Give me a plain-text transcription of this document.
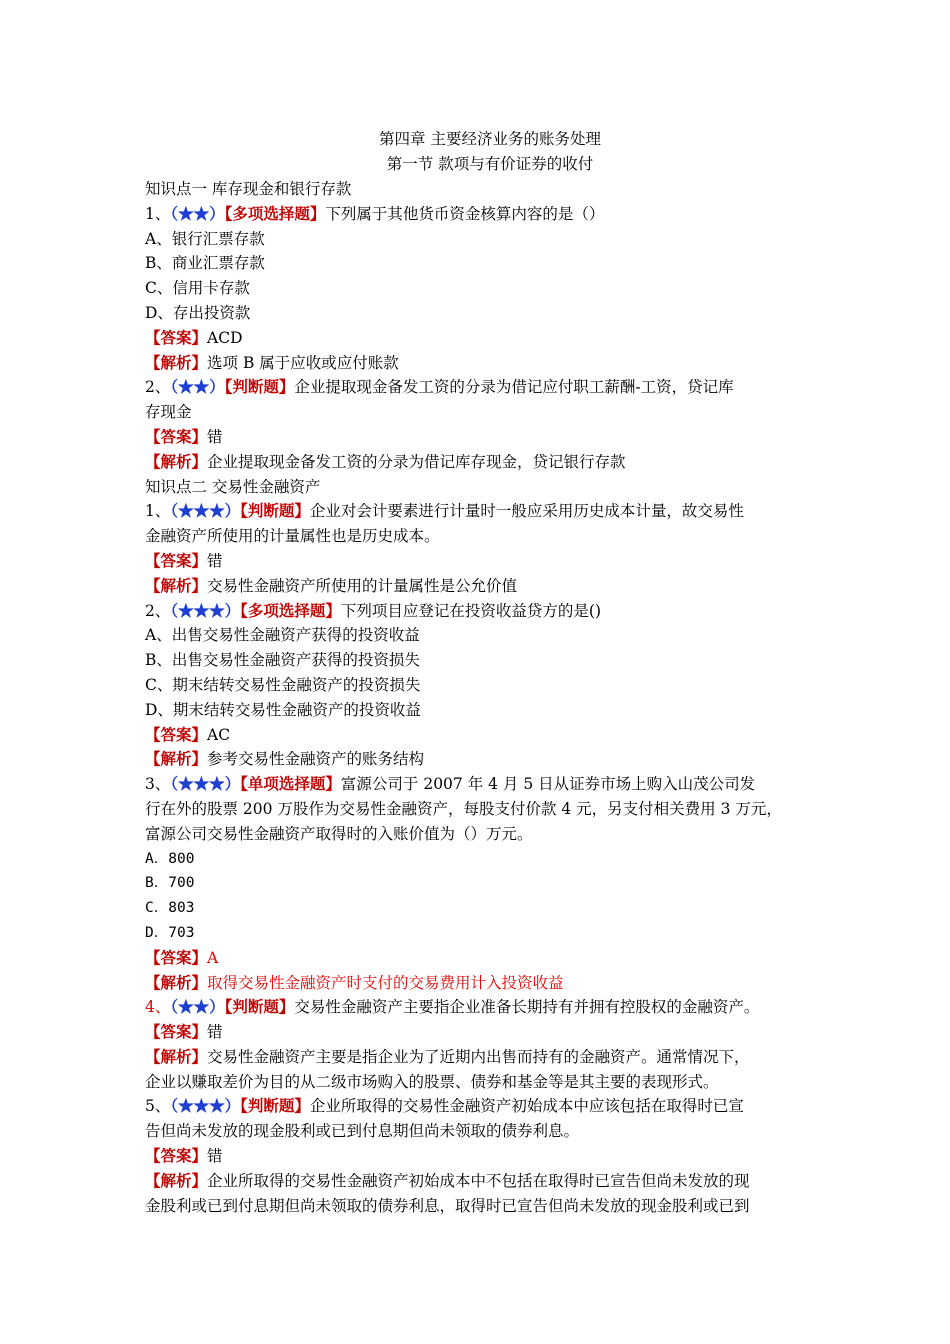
第四章 主要经济业务的账务处理
第一节 款项与有价证券的收付
知识点一 库存现金和银行存款
1、（★★）【多项选择题】下列属于其他货币资金核算内容的是（）
A、银行汇票存款
B、商业汇票存款
C、信用卡存款
D、存出投资款
【答案】ACD
【解析】选项 B 属于应收或应付账款
2、（★★）【判断题】企业提取现金备发工资的分录为借记应付职工薪酬-工资，贷记库
存现金
【答案】错
【解析】企业提取现金备发工资的分录为借记库存现金，贷记银行存款
知识点二 交易性金融资产
1、（★★★）【判断题】企业对会计要素进行计量时一般应采用历史成本计量，故交易性
金融资产所使用的计量属性也是历史成本。
【答案】错
【解析】交易性金融资产所使用的计量属性是公允价值
2、（★★★）【多项选择题】下列项目应登记在投资收益贷方的是()
A、出售交易性金融资产获得的投资收益
B、出售交易性金融资产获得的投资损失
C、期末结转交易性金融资产的投资损失
D、期末结转交易性金融资产的投资收益
【答案】AC
【解析】参考交易性金融资产的账务结构
3、（★★★）【单项选择题】富源公司于 2007 年 4 月 5 日从证券市场上购入山茂公司发
行在外的股票 200 万股作为交易性金融资产，每股支付价款 4 元，另支付相关费用 3 万元，
富源公司交易性金融资产取得时的入账价值为（）万元。
A．800
B．700
C．803
D．703
【答案】A
【解析】取得交易性金融资产时支付的交易费用计入投资收益
4、（★★）【判断题】交易性金融资产主要指企业准备长期持有并拥有控股权的金融资产。
【答案】错
【解析】交易性金融资产主要是指企业为了近期内出售而持有的金融资产。通常情况下，
企业以赚取差价为目的从二级市场购入的股票、债券和基金等是其主要的表现形式。
5、（★★★）【判断题】企业所取得的交易性金融资产初始成本中应该包括在取得时已宣
告但尚未发放的现金股利或已到付息期但尚未领取的债券利息。
【答案】错
【解析】企业所取得的交易性金融资产初始成本中不包括在取得时已宣告但尚未发放的现
金股利或已到付息期但尚未领取的债券利息，取得时已宣告但尚未发放的现金股利或已到
